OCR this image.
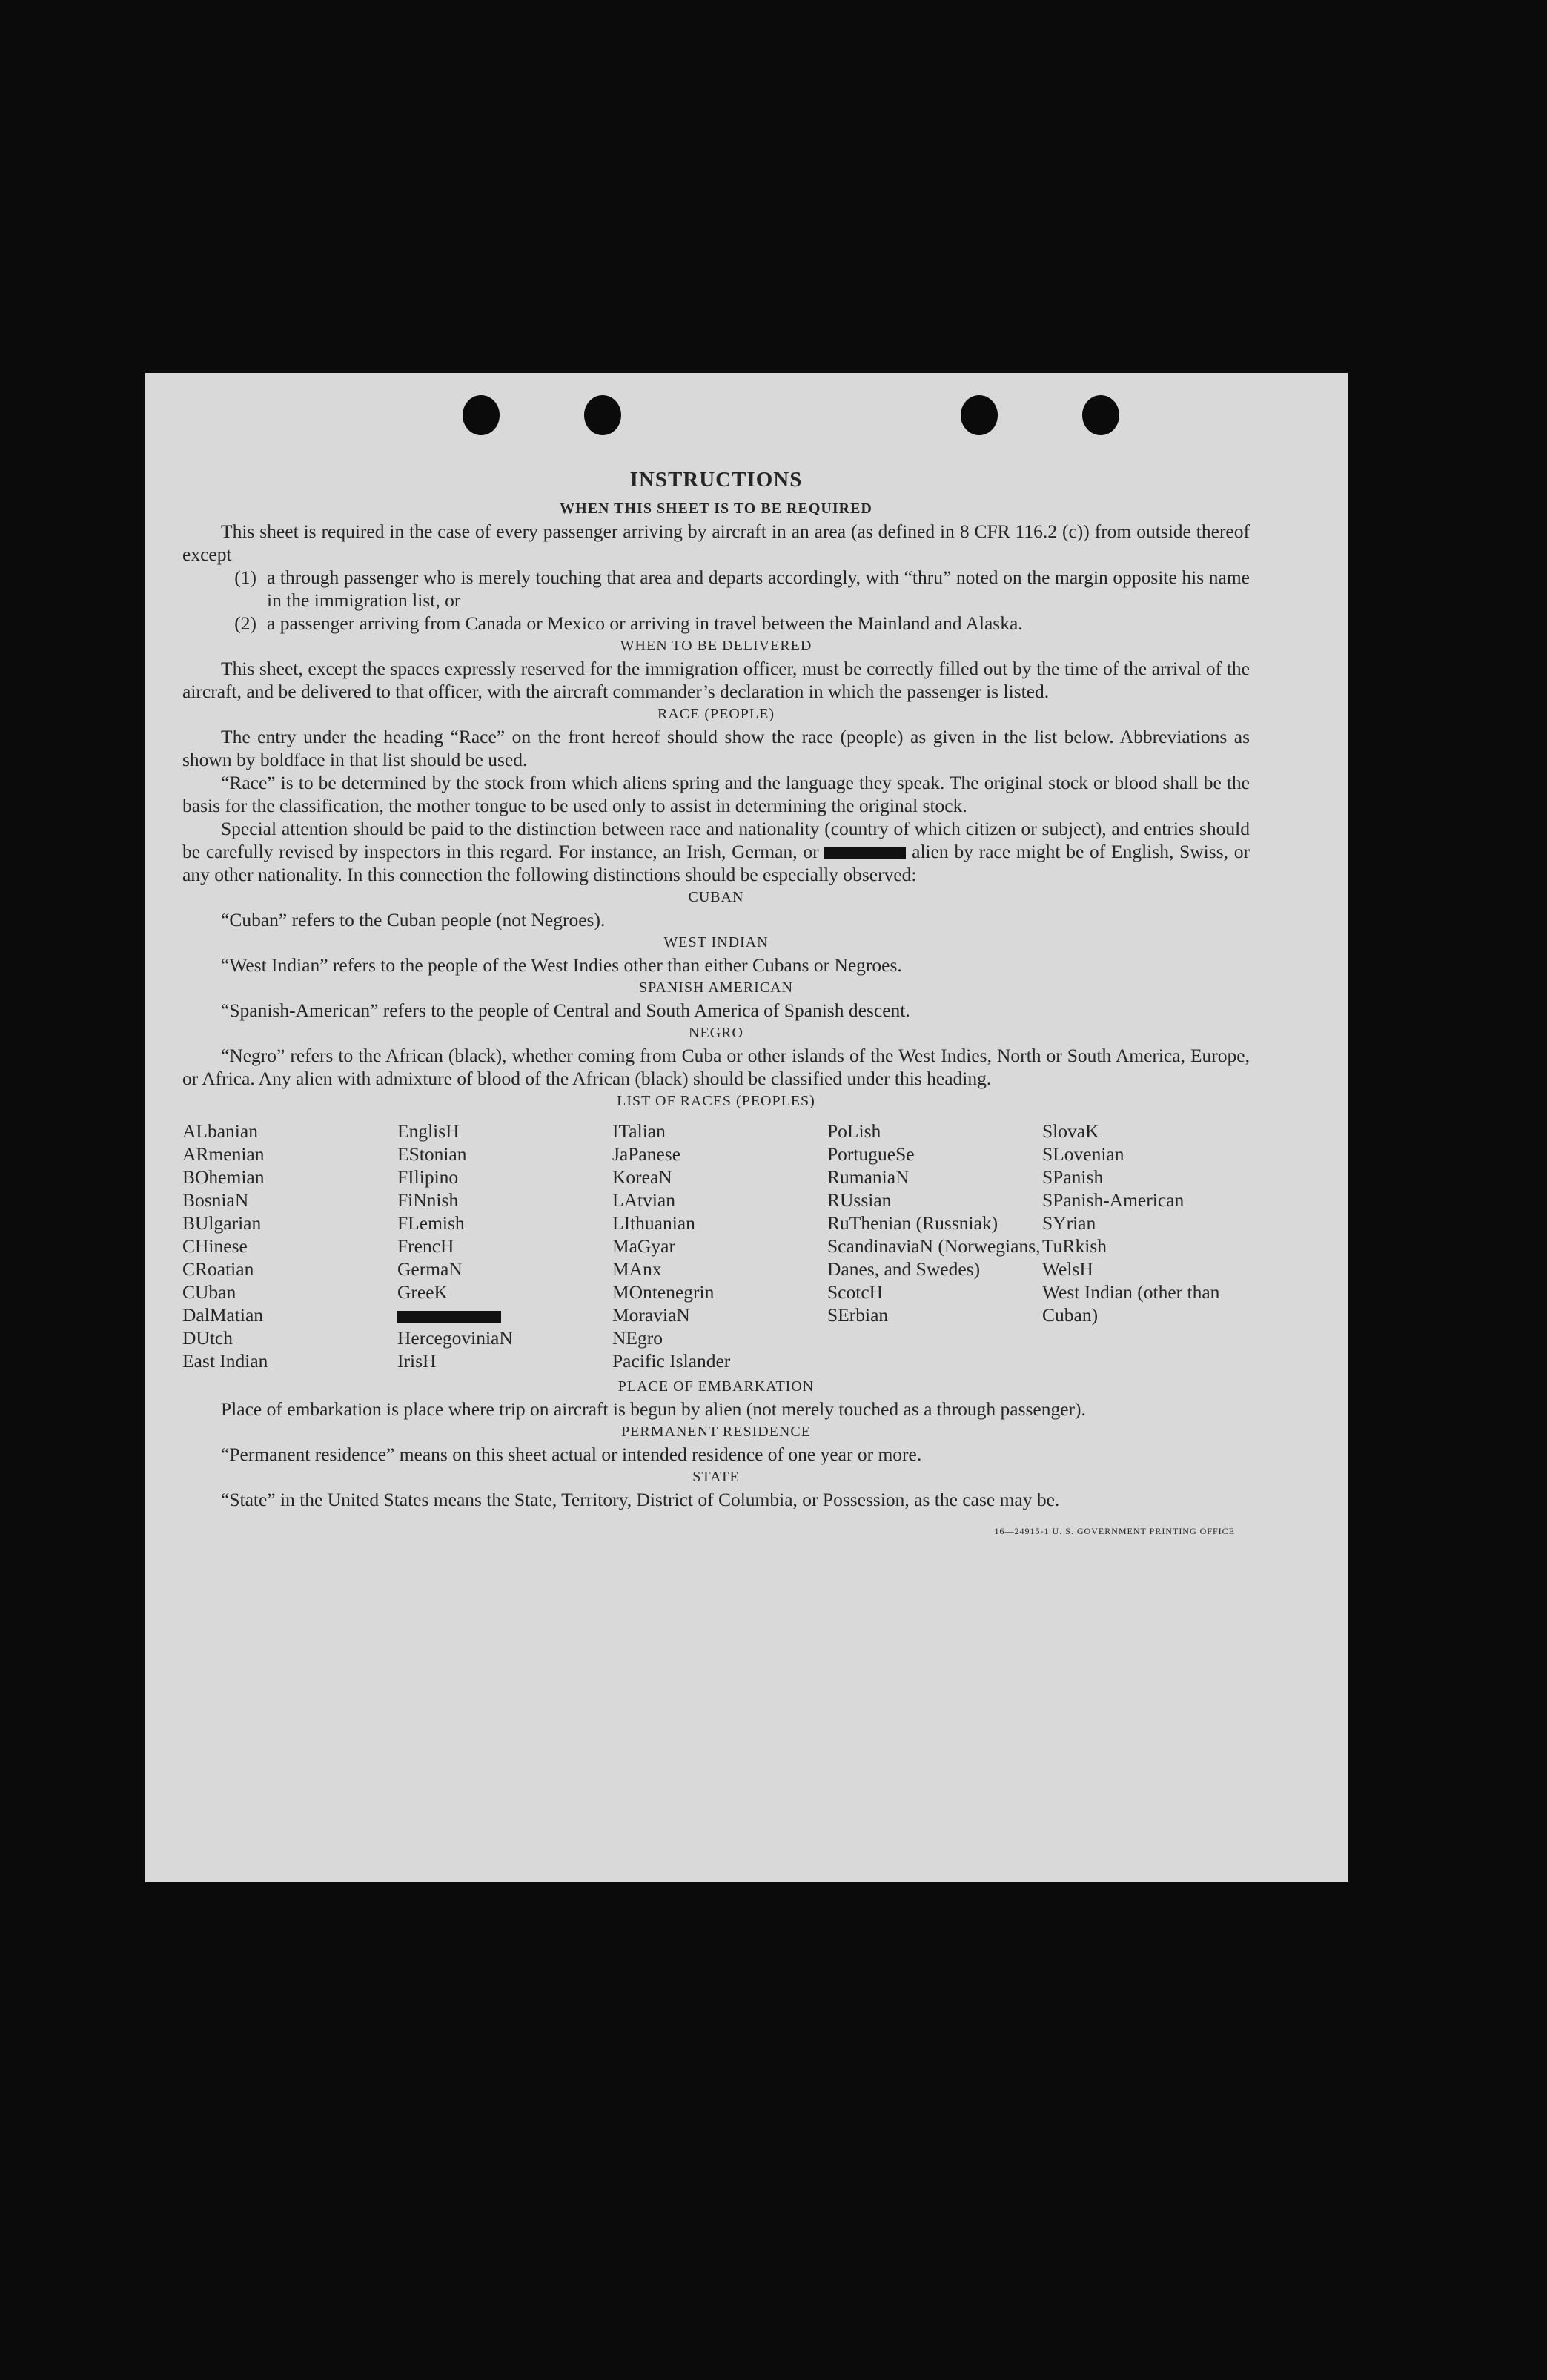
INSTRUCTIONS
WHEN THIS SHEET IS TO BE REQUIRED

This sheet is required in the case of every passenger arriving by aircraft in an area (as defined in 8 CFR 116.2 (c)) from outside thereof except

(1) a through passenger who is merely touching that area and departs accordingly, with “thru” noted on the margin opposite his name in the immigration list, or
(2) a passenger arriving from Canada or Mexico or arriving in travel between the Mainland and Alaska.
WHEN TO BE DELIVERED

This sheet, except the spaces expressly reserved for the immigration officer, must be correctly filled out by the time of the arrival of the aircraft, and be delivered to that officer, with the aircraft commander’s declaration in which the passenger is listed.

RACE (PEOPLE)

The entry under the heading “Race” on the front hereof should show the race (people) as given in the list below. Abbreviations as shown by boldface in that list should be used.

“Race” is to be determined by the stock from which aliens spring and the language they speak. The original stock or blood shall be the basis for the classification, the mother tongue to be used only to assist in determining the original stock.

Special attention should be paid to the distinction between race and nationality (country of which citizen or subject), and entries should be carefully revised by inspectors in this regard. For instance, an Irish, German, or	alien by race might be of English, Swiss, or any other nationality. In this connection the following distinctions should be especially observed:

CUBAN

“Cuban” refers to the Cuban people (not Negroes).

WEST INDIAN

“West Indian” refers to the people of the West Indies other than either Cubans or Negroes.

SPANISH AMERICAN

“Spanish-American” refers to the people of Central and South America of Spanish descent.

NEGRO

“Negro” refers to the African (black), whether coming from Cuba or other islands of the West Indies, North or South America, Europe, or Africa. Any alien with admixture of blood of the African (black) should be classified under this heading.

LIST OF RACES (PEOPLES)
ALbanian
ARmenian
BOhemian
BosniaN
BUlgarian
CHinese
CRoatian
CUban
DalMatian
DUtch
East Indian
EnglisH
EStonian
FIlipino
FiNnish
FLemish
FrencH
GermaN
GreeK
HercegoviniaN
IrisH
ITalian
JaPanese
KoreaN
LAtvian
LIthuanian
MaGyar
MAnx
MOntenegrin
MoraviaN
NEgro
Pacific Islander
PoLish
PortugueSe
RumaniaN
RUssian
RuThenian (Russniak)
ScandinaviaN (Norwegians, Danes, and Swedes)
ScotcH
SErbian
SlovaK
SLovenian
SPanish
SPanish-American
SYrian
TuRkish
WelsH
West Indian (other than Cuban)
PLACE OF EMBARKATION

Place of embarkation is place where trip on aircraft is begun by alien (not merely touched as a through passenger).

PERMANENT RESIDENCE

“Permanent residence” means on this sheet actual or intended residence of one year or more.

STATE

“State” in the United States means the State, Territory, District of Columbia, or Possession, as the case may be.

16—24915-1 U. S. GOVERNMENT PRINTING OFFICE
